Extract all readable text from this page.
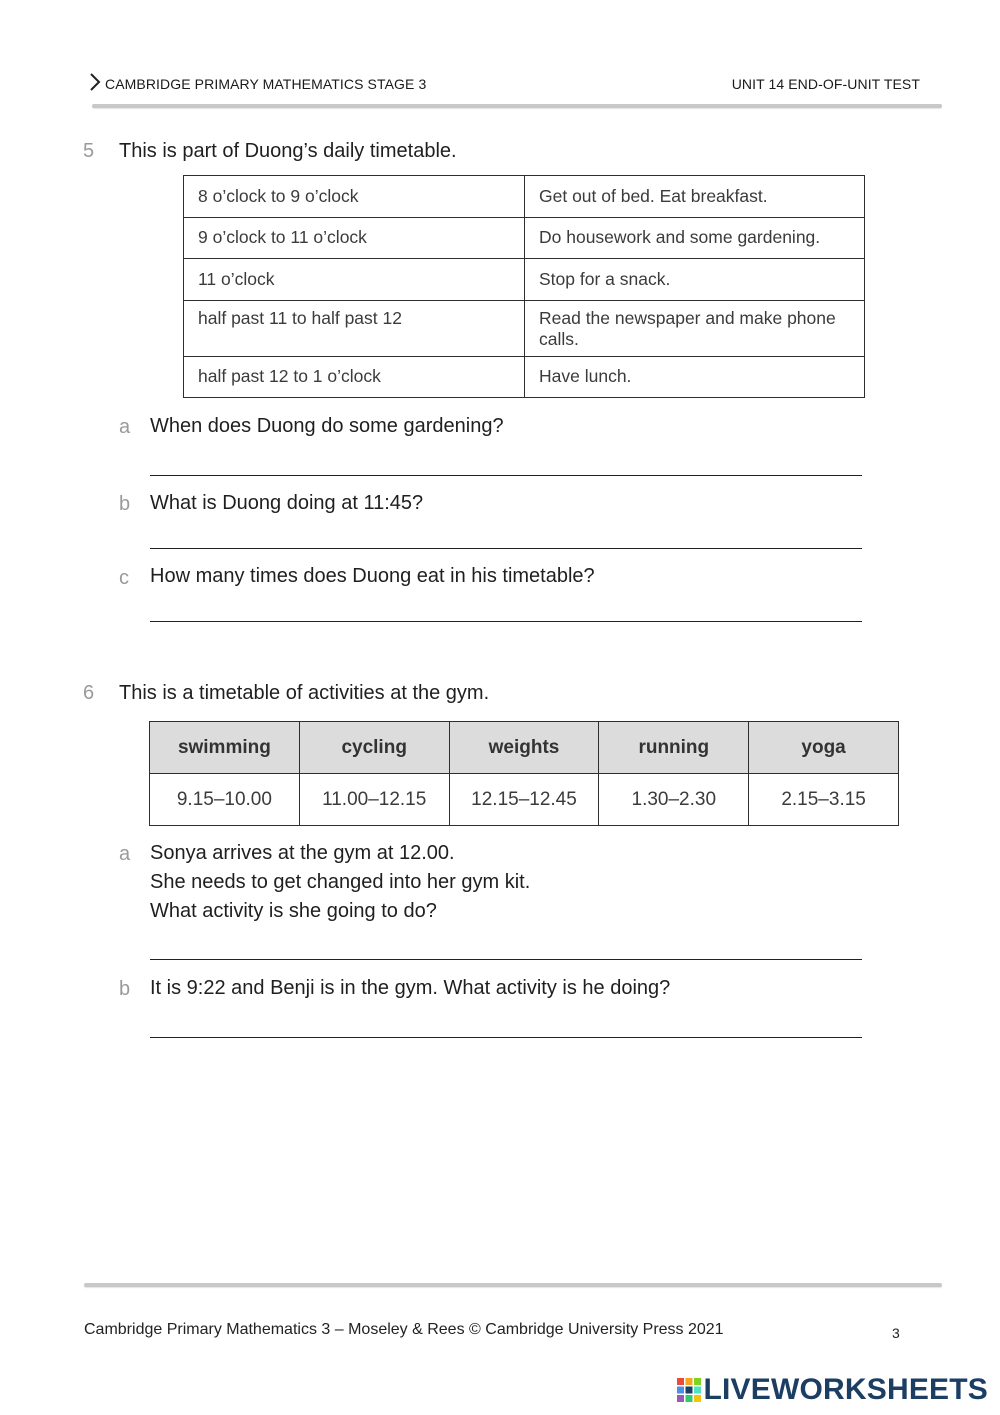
CAMBRIDGE PRIMARY MATHEMATICS STAGE 3	UNIT 14 END-OF-UNIT TEST
5 This is part of Duong’s daily timetable.
8 o’clock to 9 o’clock	Get out of bed. Eat breakfast.
9 o’clock to 11 o’clock	Do housework and some gardening.
11 o’clock	Stop for a snack.
half past 11 to half past 12	Read the newspaper and make phone calls.
half past 12 to 1 o’clock	Have lunch.
a When does Duong do some gardening?
b What is Duong doing at 11:45?
c How many times does Duong eat in his timetable?
6 This is a timetable of activities at the gym.
swimming	cycling	weights	running	yoga
9.15–10.00	11.00–12.15	12.15–12.45	1.30–2.30	2.15–3.15
a Sonya arrives at the gym at 12.00.
She needs to get changed into her gym kit.
What activity is she going to do?
b It is 9:22 and Benji is in the gym. What activity is he doing?
Cambridge Primary Mathematics 3 – Moseley & Rees © Cambridge University Press 2021	3
LIVEWORKSHEETS
